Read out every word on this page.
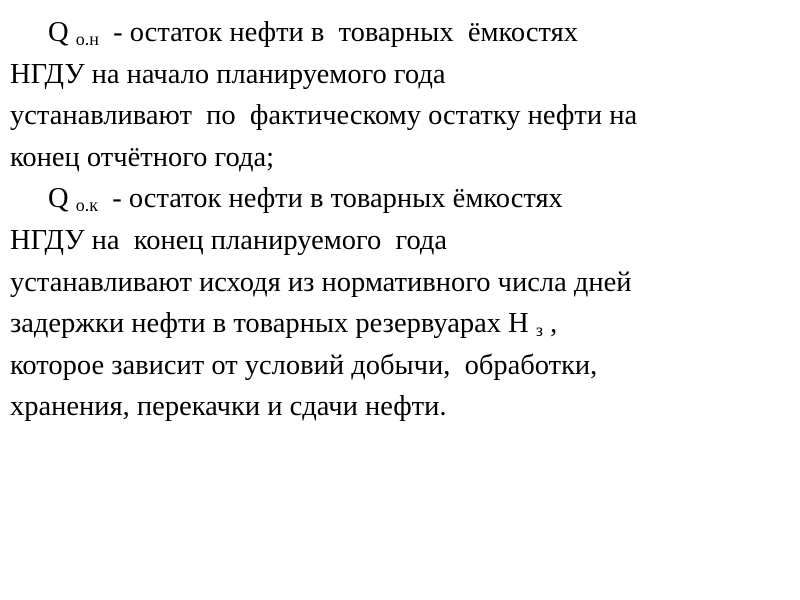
Q о.н  - остаток нефти в  товарных  ёмкостях
НГДУ на начало планируемого года
устанавливают  по  фактическому остатку нефти на
конец отчётного года;
Q о.к  - остаток нефти в товарных ёмкостях
НГДУ на  конец планируемого  года
устанавливают исходя из нормативного числа дней
задержки нефти в товарных резервуарах Н з ,
которое зависит от условий добычи,  обработки,
хранения, перекачки и сдачи нефти.
